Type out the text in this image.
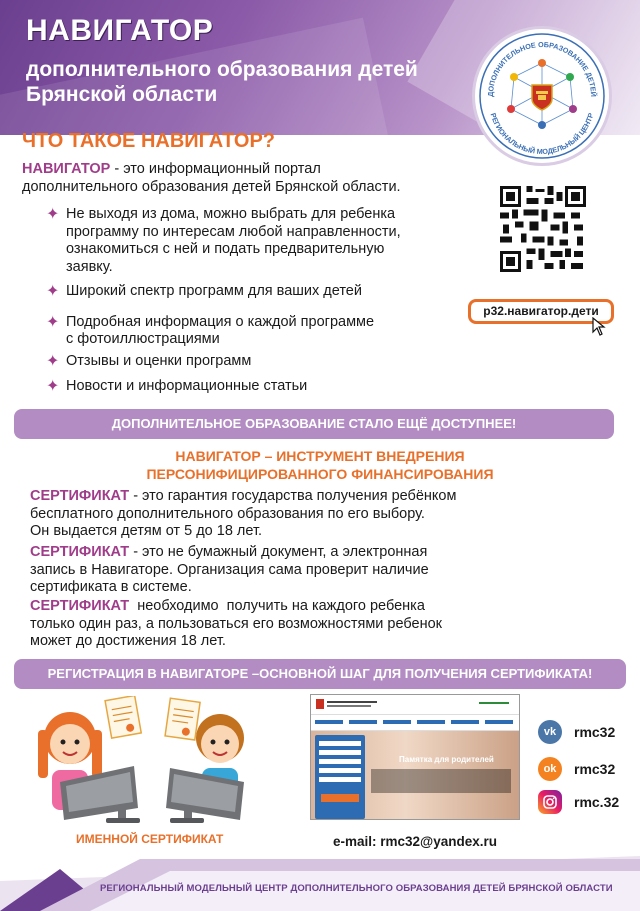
НАВИГАТОР
дополнительного образования детей
Брянской области	ДОПОЛНИТЕЛЬНОЕ ОБРАЗОВАНИЕ ДЕТЕЙ
РЕГИОНАЛЬНЫЙ МОДЕЛЬНЫЙ ЦЕНТР
ЧТО ТАКОЕ НАВИГАТОР?
НАВИГАТОР - это информационный портал
дополнительного образования детей Брянской области.
✦ Не выходя из дома, можно выбрать для ребенка
программу по интересам любой направленности,
ознакомиться с ней и подать предварительную
заявку.
✦ Широкий спектр программ для ваших детей
✦ Подробная информация о каждой программе
с фотоиллюстрациями
✦ Отзывы и оценки программ
✦ Новости и информационные статьи
р32.навигатор.дети
ДОПОЛНИТЕЛЬНОЕ ОБРАЗОВАНИЕ СТАЛО ЕЩЁ ДОСТУПНЕЕ!
НАВИГАТОР – ИНСТРУМЕНТ ВНЕДРЕНИЯ
ПЕРСОНИФИЦИРОВАННОГО ФИНАНСИРОВАНИЯ
СЕРТИФИКАТ - это гарантия государства получения ребёнком
бесплатного дополнительного образования по его выбору.
Он выдается детям от 5 до 18 лет.
СЕРТИФИКАТ - это не бумажный документ, а электронная
запись в Навигаторе. Организация сама проверит наличие
сертификата в системе.
СЕРТИФИКАТ  необходимо  получить на каждого ребенка
только один раз, а пользоваться его возможностями ребенок
может до достижения 18 лет.
РЕГИСТРАЦИЯ В НАВИГАТОРЕ –ОСНОВНОЙ ШАГ ДЛЯ ПОЛУЧЕНИЯ СЕРТИФИКАТА!
ИМЕННОЙ СЕРТИФИКАТ
Памятка для родителей
e-mail: rmc32@yandex.ru
vk	rmc32
ok	rmc32
rmc.32
РЕГИОНАЛЬНЫЙ МОДЕЛЬНЫЙ ЦЕНТР ДОПОЛНИТЕЛЬНОГО ОБРАЗОВАНИЯ ДЕТЕЙ БРЯНСКОЙ ОБЛАСТИ
